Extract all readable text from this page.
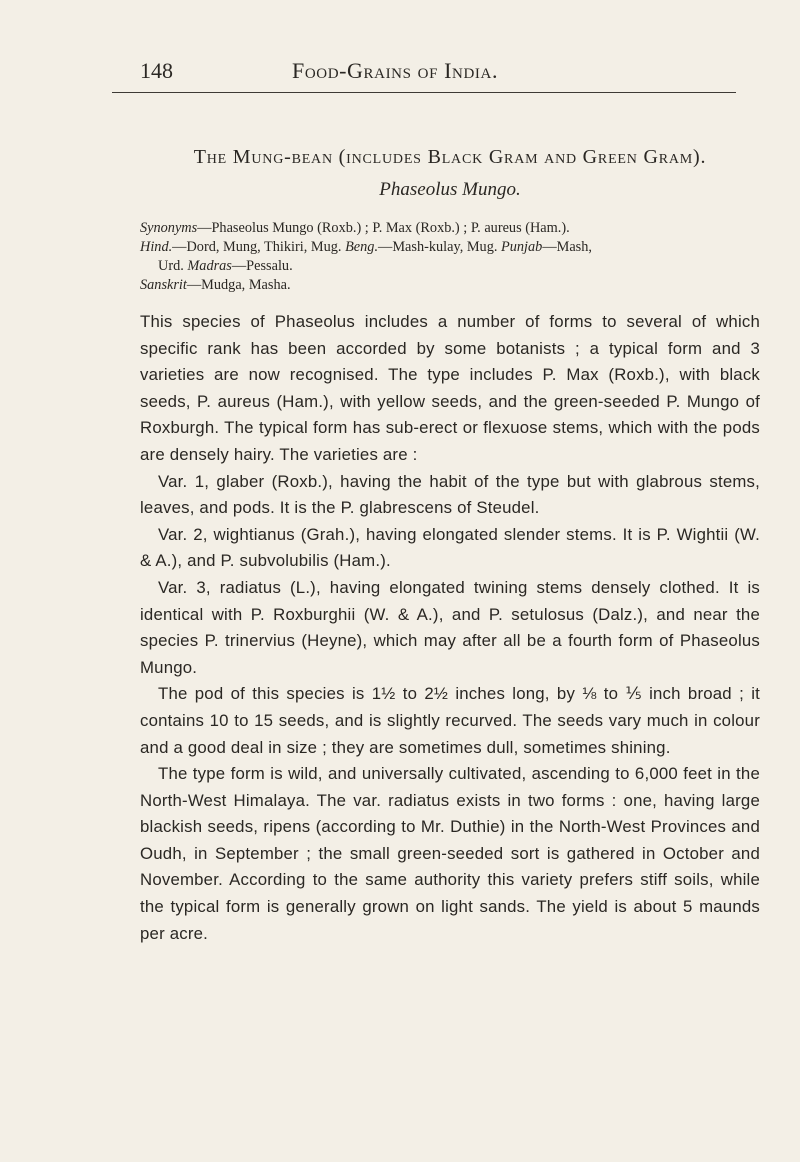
148	Food-Grains of India.
The Mung-bean (includes Black Gram and Green Gram).
Phaseolus Mungo.

Synonyms—Phaseolus Mungo (Roxb.) ; P. Max (Roxb.) ; P. aureus (Ham.).

Hind.—Dord, Mung, Thikiri, Mug. Beng.—Mash-kulay, Mug. Punjab—Mash,

Urd. Madras—Pessalu.

Sanskrit—Mudga, Masha.

This species of Phaseolus includes a number of forms to several of which specific rank has been accorded by some botanists ; a typical form and 3 varieties are now recognised. The type includes P. Max (Roxb.), with black seeds, P. aureus (Ham.), with yellow seeds, and the green-seeded P. Mungo of Roxburgh. The typical form has sub-erect or flexuose stems, which with the pods are densely hairy. The varieties are :

Var. 1, glaber (Roxb.), having the habit of the type but with glabrous stems, leaves, and pods. It is the P. glabrescens of Steudel.

Var. 2, wightianus (Grah.), having elongated slender stems. It is P. Wightii (W. & A.), and P. subvolubilis (Ham.).

Var. 3, radiatus (L.), having elongated twining stems densely clothed. It is identical with P. Roxburghii (W. & A.), and P. setulosus (Dalz.), and near the species P. trinervius (Heyne), which may after all be a fourth form of Phaseolus Mungo.

The pod of this species is 1½ to 2½ inches long, by ⅛ to ⅕ inch broad ; it contains 10 to 15 seeds, and is slightly recurved. The seeds vary much in colour and a good deal in size ; they are sometimes dull, sometimes shining.

The type form is wild, and universally cultivated, ascending to 6,000 feet in the North-West Himalaya. The var. radiatus exists in two forms : one, having large blackish seeds, ripens (according to Mr. Duthie) in the North-West Provinces and Oudh, in September ; the small green-seeded sort is gathered in October and November. According to the same authority this variety prefers stiff soils, while the typical form is generally grown on light sands. The yield is about 5 maunds per acre.
